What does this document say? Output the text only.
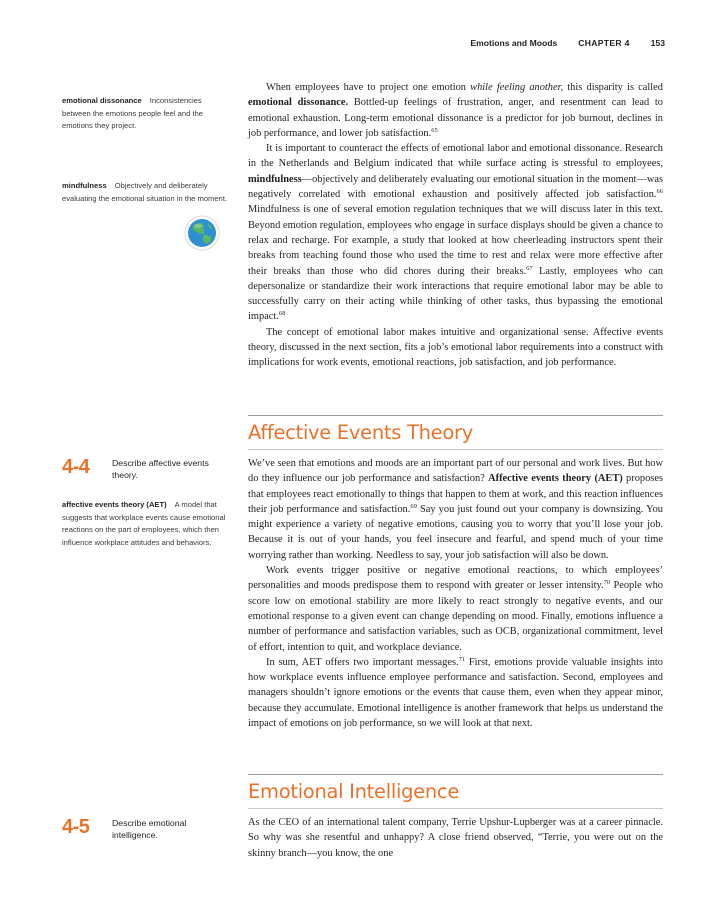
Emotions and Moods CHAPTER 4 153
emotional dissonance Inconsistencies between the emotions people feel and the emotions they project.
mindfulness Objectively and deliberately evaluating the emotional situation in the moment.
4-4	Describe affective events theory.
affective events theory (AET) A model that suggests that workplace events cause emotional reactions on the part of employees, which then influence workplace attitudes and behaviors.
4-5	Describe emotional intelligence.

When employees have to project one emotion while feeling another, this disparity is called emotional dissonance. Bottled-up feelings of frustration, anger, and resentment can lead to emotional exhaustion. Long-term emotional dissonance is a predictor for job burnout, declines in job performance, and lower job satisfaction.$^{65}$

It is important to counteract the effects of emotional labor and emotional dissonance. Research in the Netherlands and Belgium indicated that while surface acting is stressful to employees, mindfulness—objectively and deliberately evaluating our emotional situation in the moment—was negatively correlated with emotional exhaustion and positively affected job satisfaction.$^{66}$ Mindfulness is one of several emotion regulation techniques that we will discuss later in this text. Beyond emotion regulation, employees who engage in surface displays should be given a chance to relax and recharge. For example, a study that looked at how cheerleading instructors spent their breaks from teaching found those who used the time to rest and relax were more effective after their breaks than those who did chores during their breaks.$^{67}$ Lastly, employees who can depersonalize or standardize their work interactions that require emotional labor may be able to successfully carry on their acting while thinking of other tasks, thus bypassing the emotional impact.$^{68}$

The concept of emotional labor makes intuitive and organizational sense. Affective events theory, discussed in the next section, fits a job’s emotional labor requirements into a construct with implications for work events, emotional reactions, job satisfaction, and job performance.

Affective Events Theory

We’ve seen that emotions and moods are an important part of our personal and work lives. But how do they influence our job performance and satisfaction? Affective events theory (AET) proposes that employees react emotionally to things that happen to them at work, and this reaction influences their job performance and satisfaction.$^{69}$ Say you just found out your company is downsizing. You might experience a variety of negative emotions, causing you to worry that you’ll lose your job. Because it is out of your hands, you feel insecure and fearful, and spend much of your time worrying rather than working. Needless to say, your job satisfaction will also be down.

Work events trigger positive or negative emotional reactions, to which employees’ personalities and moods predispose them to respond with greater or lesser intensity.$^{70}$ People who score low on emotional stability are more likely to react strongly to negative events, and our emotional response to a given event can change depending on mood. Finally, emotions influence a number of performance and satisfaction variables, such as OCB, organizational commitment, level of effort, intention to quit, and workplace deviance.

In sum, AET offers two important messages.$^{71}$ First, emotions provide valuable insights into how workplace events influence employee performance and satisfaction. Second, employees and managers shouldn’t ignore emotions or the events that cause them, even when they appear minor, because they accumulate. Emotional intelligence is another framework that helps us understand the impact of emotions on job performance, so we will look at that next.

Emotional Intelligence

As the CEO of an international talent company, Terrie Upshur-Lupberger was at a career pinnacle. So why was she resentful and unhappy? A close friend observed, “Terrie, you were out on the skinny branch—you know, the one
